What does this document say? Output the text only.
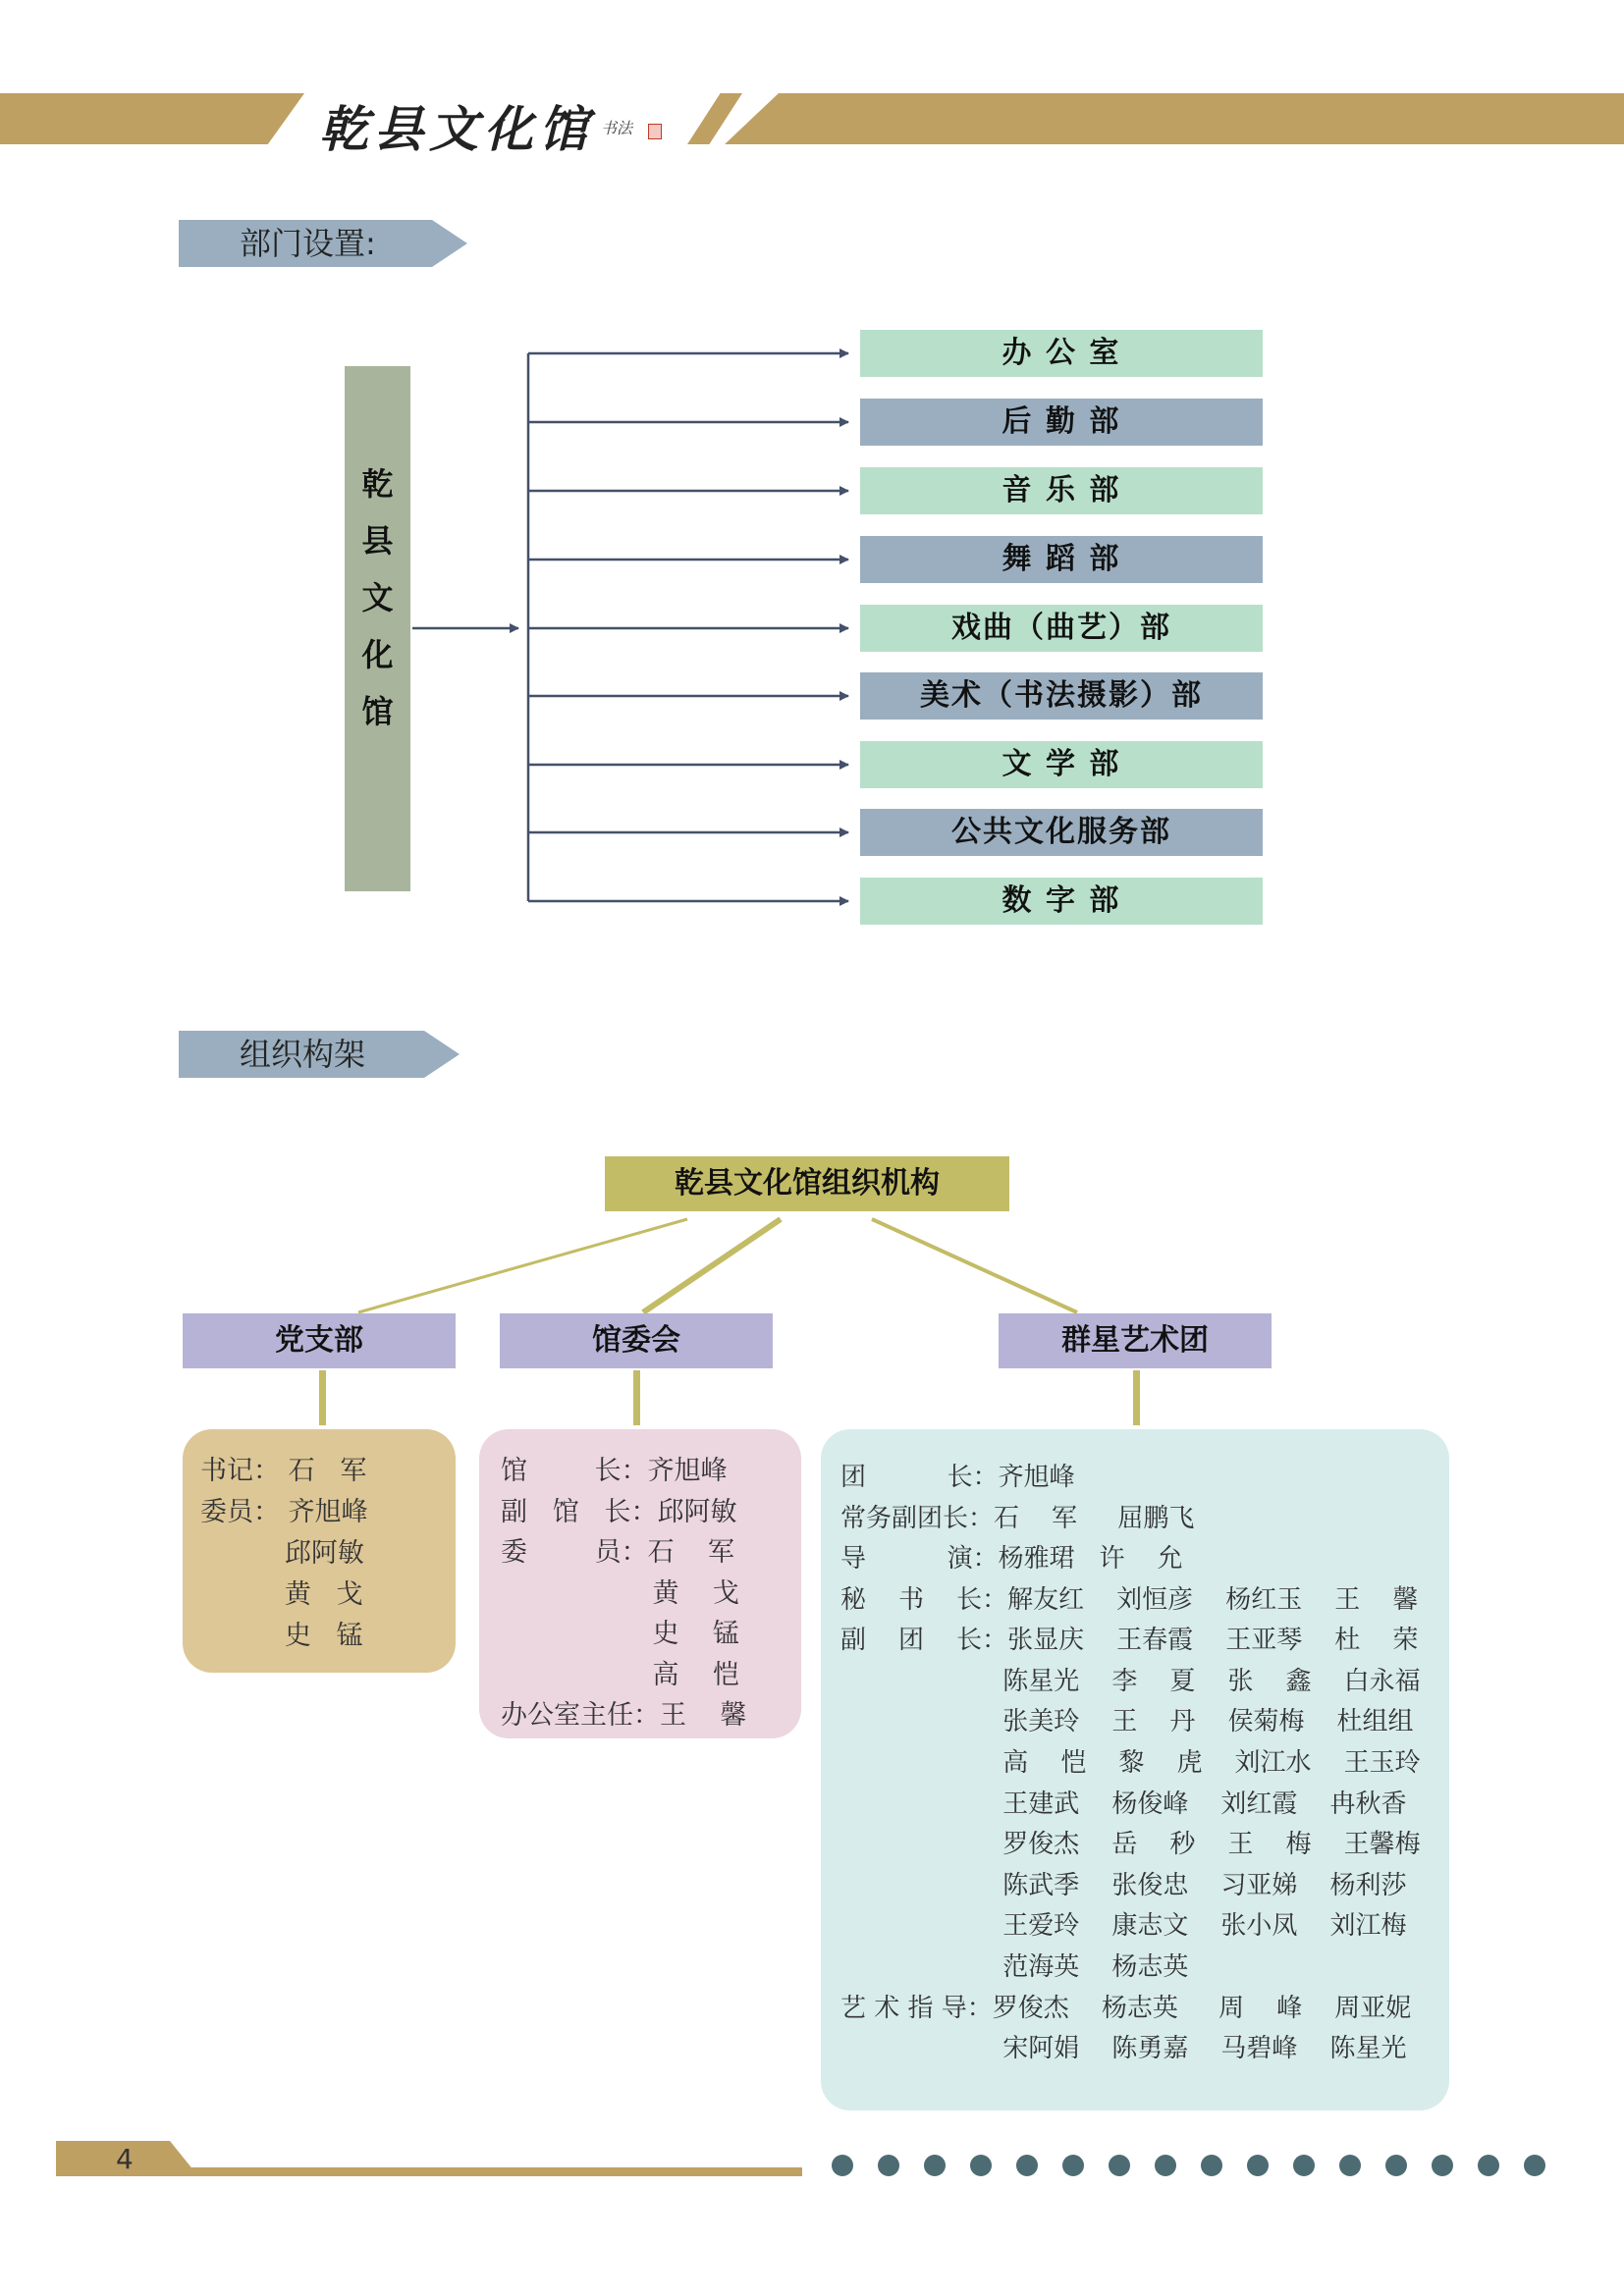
乾县文化馆 书法
部门设置:
乾
县
文
化
馆
办 公 室
后 勤 部
音 乐 部
舞 蹈 部
戏曲（曲艺）部
美术（书法摄影）部
文 学 部
公共文化服务部
数 字 部
组织构架
乾县文化馆组织机构
党支部	馆委会	群星艺术团
书记： 石   军
委员： 齐旭峰
邱阿敏
黄   戈
史   锰
馆        长：齐旭峰
副   馆   长：邱阿敏
委        员：石    军
黄    戈
史    锰
高    恺
办公室主任：王    馨
团          长：齐旭峰
常务副团长：石    军     屈鹏飞
导          演：杨雅珺   许    允
秘    书    长：解友红    刘恒彦    杨红玉    王    馨
副    团    长：张显庆    王春霞    王亚琴    杜    荣
陈星光    李    夏    张    鑫    白永福
张美玲    王    丹    侯菊梅    杜组组
高    恺    黎    虎    刘江水    王玉玲
王建武    杨俊峰    刘红霞    冉秋香
罗俊杰    岳    秒    王    梅    王馨梅
陈武季    张俊忠    习亚娣    杨利莎
王爱玲    康志文    张小凤    刘江梅
范海英    杨志英
艺 术 指 导：罗俊杰    杨志英     周    峰    周亚妮
宋阿娟    陈勇嘉    马碧峰    陈星光
4
